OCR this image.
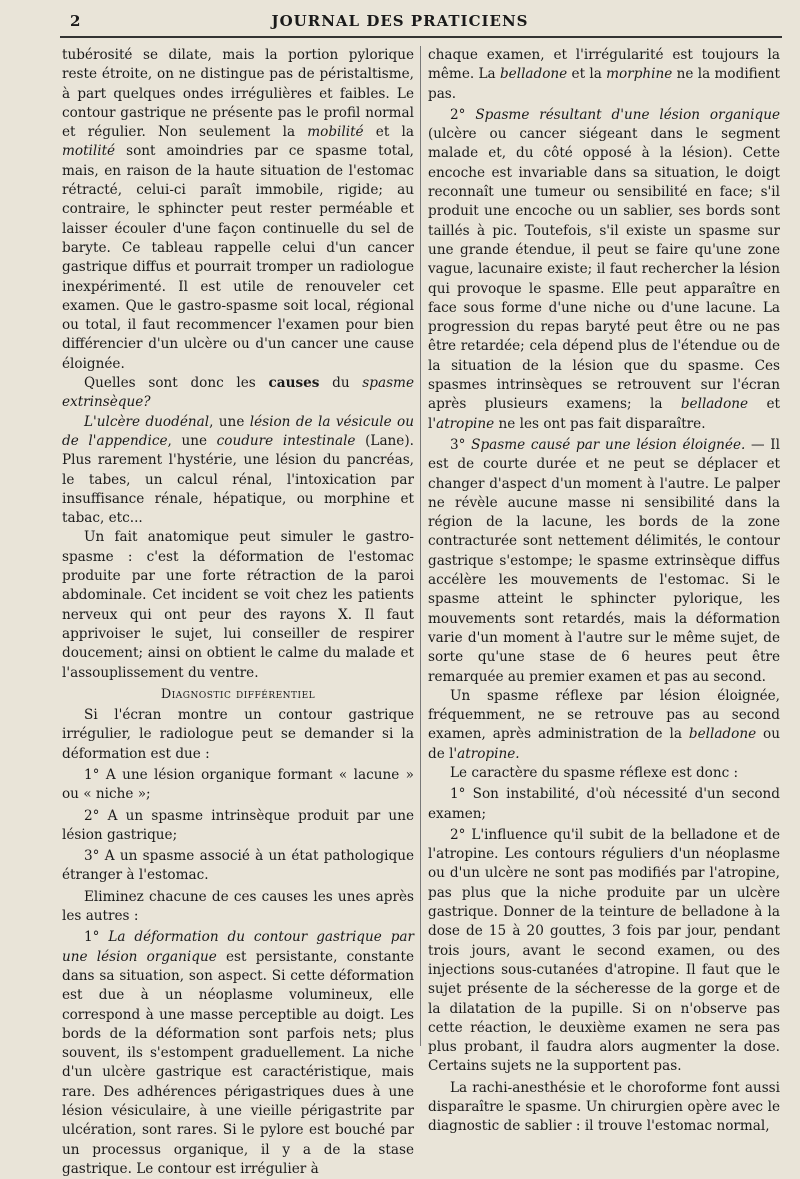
2	JOURNAL DES PRATICIENS

tubérosité se dilate, mais la portion pylorique reste étroite, on ne distingue pas de péristaltisme, à part quelques ondes irrégulières et faibles. Le contour gastrique ne présente pas le profil normal et régulier. Non seulement la mobilité et la motilité sont amoindries par ce spasme total, mais, en raison de la haute situation de l'estomac rétracté, celui-ci paraît immobile, rigide; au contraire, le sphincter peut rester perméable et laisser écouler d'une façon continuelle du sel de baryte. Ce tableau rappelle celui d'un cancer gastrique diffus et pourrait tromper un radiologue inexpérimenté. Il est utile de renouveler cet examen. Que le gastro-spasme soit local, régional ou total, il faut recommencer l'examen pour bien différencier d'un ulcère ou d'un cancer une cause éloignée.

Quelles sont donc les causes du spasme extrinsèque?

L'ulcère duodénal, une lésion de la vésicule ou de l'appendice, une coudure intestinale (Lane). Plus rarement l'hystérie, une lésion du pancréas, le tabes, un calcul rénal, l'intoxication par insuffisance rénale, hépatique, ou morphine et tabac, etc...

Un fait anatomique peut simuler le gastro-spasme : c'est la déformation de l'estomac produite par une forte rétraction de la paroi abdominale. Cet incident se voit chez les patients nerveux qui ont peur des rayons X. Il faut apprivoiser le sujet, lui conseiller de respirer doucement; ainsi on obtient le calme du malade et l'assouplissement du ventre.

Diagnostic différentiel

Si l'écran montre un contour gastrique irrégulier, le radiologue peut se demander si la déformation est due :

1° A une lésion organique formant « lacune » ou « niche »;

2° A un spasme intrinsèque produit par une lésion gastrique;

3° A un spasme associé à un état pathologique étranger à l'estomac.

Eliminez chacune de ces causes les unes après les autres :

1° La déformation du contour gastrique par une lésion organique est persistante, constante dans sa situation, son aspect. Si cette déformation est due à un néoplasme volumineux, elle correspond à une masse perceptible au doigt. Les bords de la déformation sont parfois nets; plus souvent, ils s'estompent graduellement. La niche d'un ulcère gastrique est caractéristique, mais rare. Des adhérences périgastriques dues à une lésion vésiculaire, à une vieille périgastrite par ulcération, sont rares. Si le pylore est bouché par un processus organique, il y a de la stase gastrique. Le contour est irrégulier à

chaque examen, et l'irrégularité est toujours la même. La belladone et la morphine ne la modifient pas.

2° Spasme résultant d'une lésion organique (ulcère ou cancer siégeant dans le segment malade et, du côté opposé à la lésion). Cette encoche est invariable dans sa situation, le doigt reconnaît une tumeur ou sensibilité en face; s'il produit une encoche ou un sablier, ses bords sont taillés à pic. Toutefois, s'il existe un spasme sur une grande étendue, il peut se faire qu'une zone vague, lacunaire existe; il faut rechercher la lésion qui provoque le spasme. Elle peut apparaître en face sous forme d'une niche ou d'une lacune. La progression du repas baryté peut être ou ne pas être retardée; cela dépend plus de l'étendue ou de la situation de la lésion que du spasme. Ces spasmes intrinsèques se retrouvent sur l'écran après plusieurs examens; la belladone et l'atropine ne les ont pas fait disparaître.

3° Spasme causé par une lésion éloignée. — Il est de courte durée et ne peut se déplacer et changer d'aspect d'un moment à l'autre. Le palper ne révèle aucune masse ni sensibilité dans la région de la lacune, les bords de la zone contracturée sont nettement délimités, le contour gastrique s'estompe; le spasme extrinsèque diffus accélère les mouvements de l'estomac. Si le spasme atteint le sphincter pylorique, les mouvements sont retardés, mais la déformation varie d'un moment à l'autre sur le même sujet, de sorte qu'une stase de 6 heures peut être remarquée au premier examen et pas au second.

Un spasme réflexe par lésion éloignée, fréquemment, ne se retrouve pas au second examen, après administration de la belladone ou de l'atropine.

Le caractère du spasme réflexe est donc :

1° Son instabilité, d'où nécessité d'un second examen;

2° L'influence qu'il subit de la belladone et de l'atropine. Les contours réguliers d'un néoplasme ou d'un ulcère ne sont pas modifiés par l'atropine, pas plus que la niche produite par un ulcère gastrique. Donner de la teinture de belladone à la dose de 15 à 20 gouttes, 3 fois par jour, pendant trois jours, avant le second examen, ou des injections sous-cutanées d'atropine. Il faut que le sujet présente de la sécheresse de la gorge et de la dilatation de la pupille. Si on n'observe pas cette réaction, le deuxième examen ne sera pas plus probant, il faudra alors augmenter la dose. Certains sujets ne la supportent pas.

La rachi-anesthésie et le choroforme font aussi disparaître le spasme. Un chirurgien opère avec le diagnostic de sablier : il trouve l'estomac normal,
